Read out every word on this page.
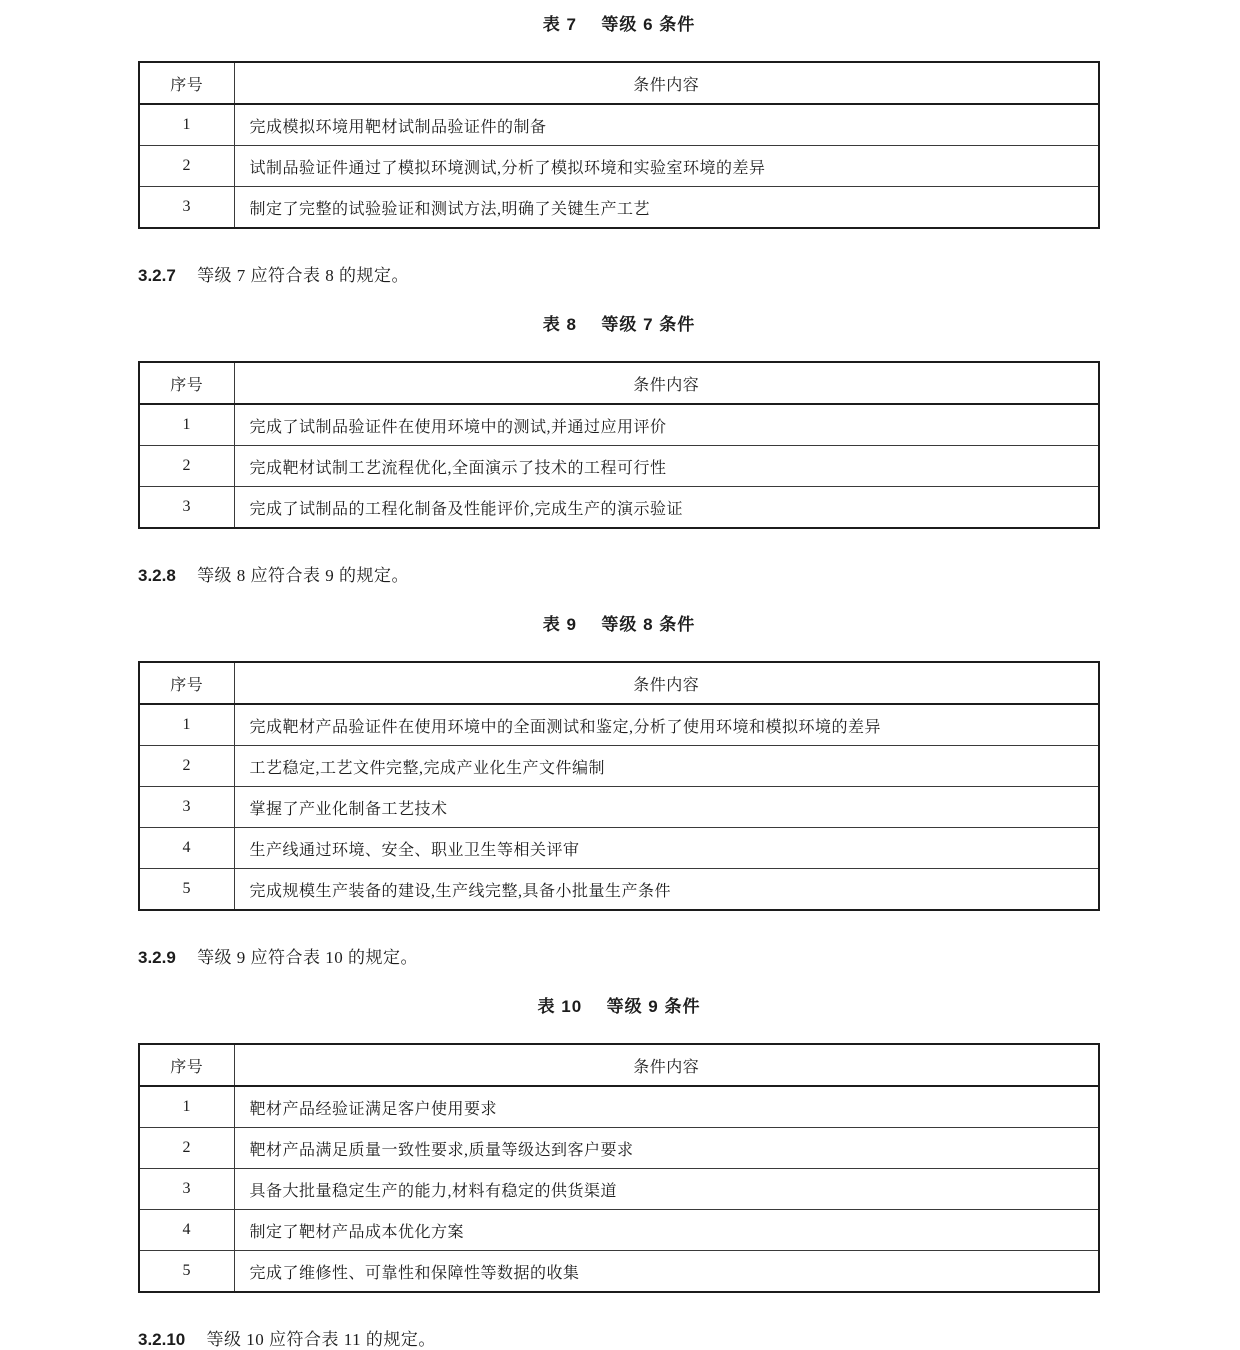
表 7 等级 6 条件

序号	条件内容
1	完成模拟环境用靶材试制品验证件的制备
2	试制品验证件通过了模拟环境测试,分析了模拟环境和实验室环境的差异
3	制定了完整的试验验证和测试方法,明确了关键生产工艺

3.2.7 等级 7 应符合表 8 的规定。

表 8 等级 7 条件

序号	条件内容
1	完成了试制品验证件在使用环境中的测试,并通过应用评价
2	完成靶材试制工艺流程优化,全面演示了技术的工程可行性
3	完成了试制品的工程化制备及性能评价,完成生产的演示验证

3.2.8 等级 8 应符合表 9 的规定。

表 9 等级 8 条件

序号	条件内容
1	完成靶材产品验证件在使用环境中的全面测试和鉴定,分析了使用环境和模拟环境的差异
2	工艺稳定,工艺文件完整,完成产业化生产文件编制
3	掌握了产业化制备工艺技术
4	生产线通过环境、安全、职业卫生等相关评审
5	完成规模生产装备的建设,生产线完整,具备小批量生产条件

3.2.9 等级 9 应符合表 10 的规定。

表 10 等级 9 条件

序号	条件内容
1	靶材产品经验证满足客户使用要求
2	靶材产品满足质量一致性要求,质量等级达到客户要求
3	具备大批量稳定生产的能力,材料有稳定的供货渠道
4	制定了靶材产品成本优化方案
5	完成了维修性、可靠性和保障性等数据的收集

3.2.10 等级 10 应符合表 11 的规定。
